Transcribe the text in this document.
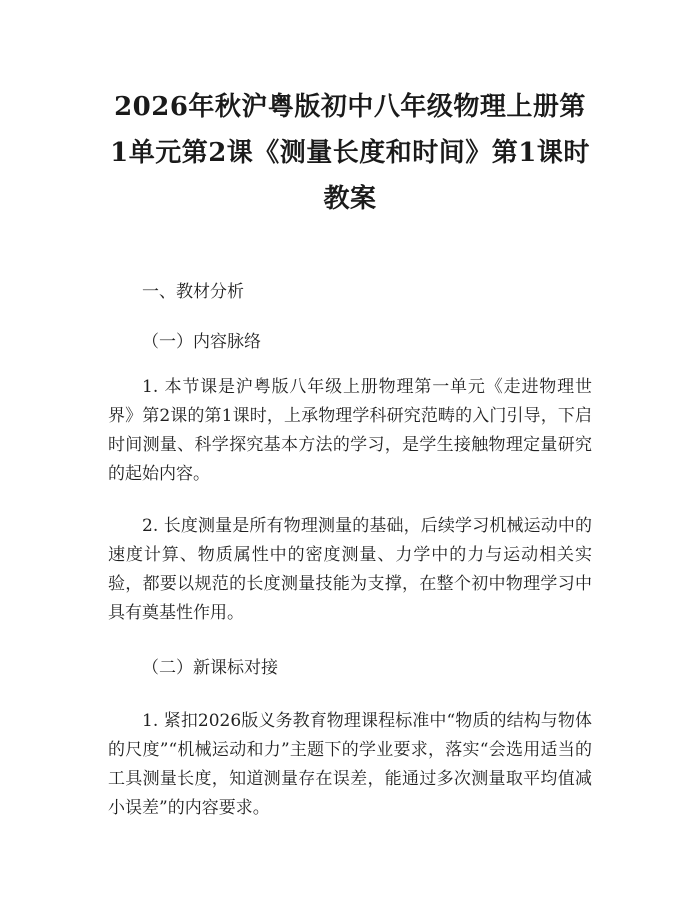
2026年秋沪粤版初中八年级物理上册第1单元第2课《测量长度和时间》第1课时教案

一、教材分析

（一）内容脉络

1. 本节课是沪粤版八年级上册物理第一单元《走进物理世界》第2课的第1课时，上承物理学科研究范畴的入门引导，下启时间测量、科学探究基本方法的学习，是学生接触物理定量研究的起始内容。

2. 长度测量是所有物理测量的基础，后续学习机械运动中的速度计算、物质属性中的密度测量、力学中的力与运动相关实验，都要以规范的长度测量技能为支撑，在整个初中物理学习中具有奠基性作用。

（二）新课标对接

1. 紧扣2026版义务教育物理课程标准中“物质的结构与物体的尺度”“机械运动和力”主题下的学业要求，落实“会选用适当的工具测量长度，知道测量存在误差，能通过多次测量取平均值减小误差”的内容要求。
